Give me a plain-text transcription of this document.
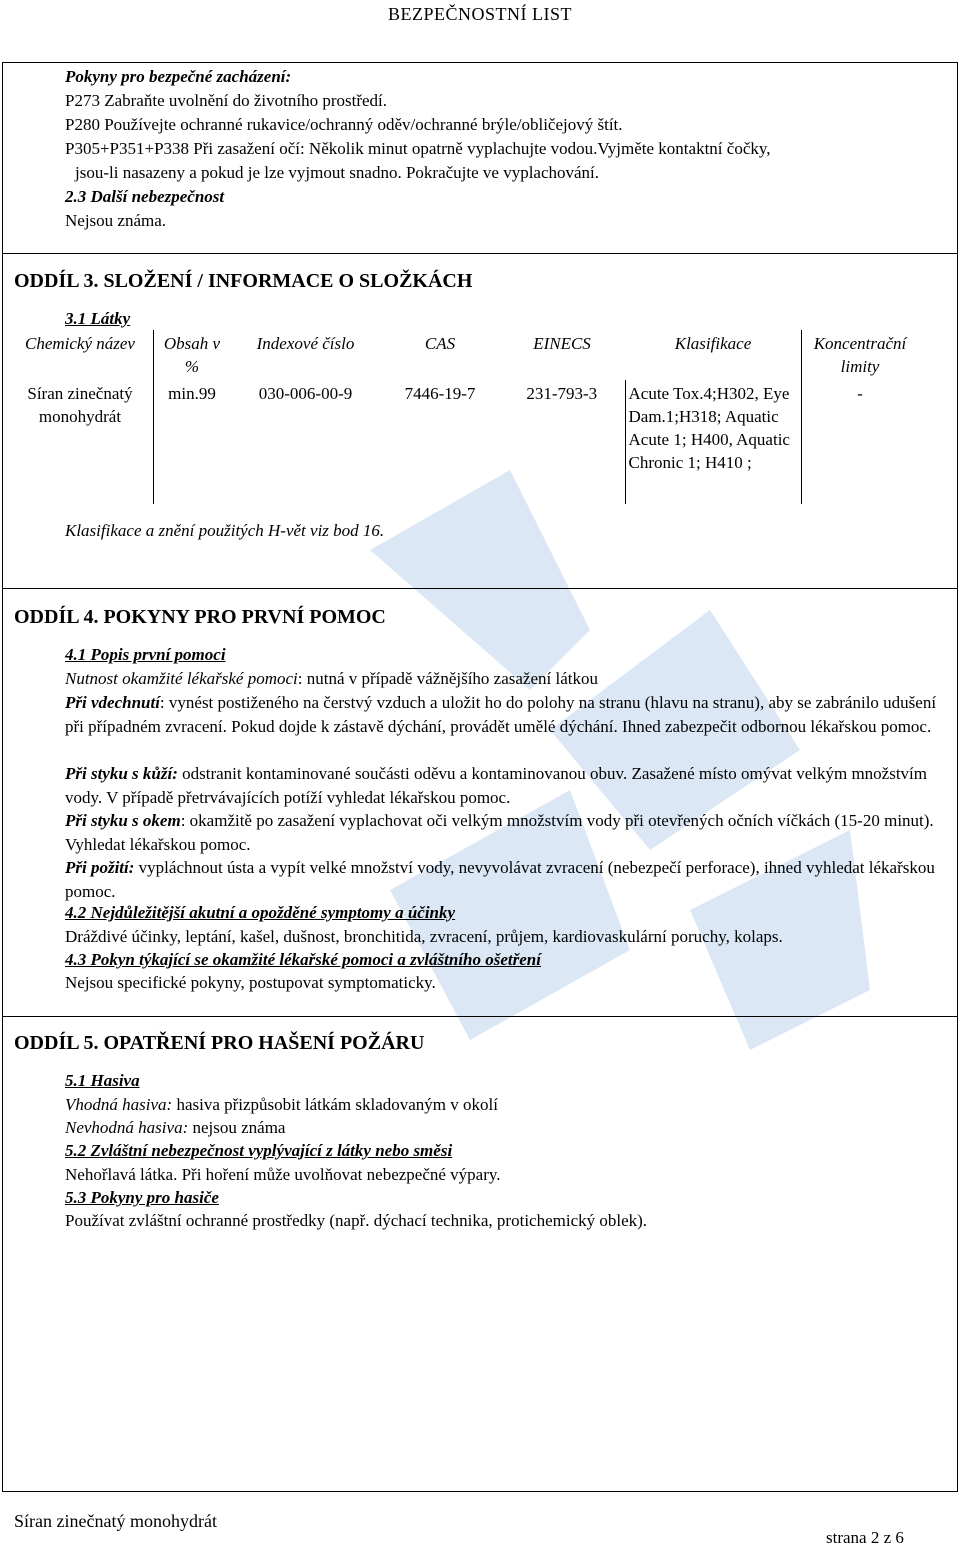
BEZPEČNOSTNÍ LIST
Pokyny pro bezpečné zacházení:
P273 Zabraňte uvolnění do životního prostředí.
P280 Používejte ochranné rukavice/ochranný oděv/ochranné brýle/obličejový štít.
P305+P351+P338 Při zasažení očí: Několik minut opatrně vyplachujte vodou.Vyjměte kontaktní čočky,
jsou-li nasazeny a pokud je lze vyjmout snadno. Pokračujte ve vyplachování.
2.3 Další nebezpečnost
Nejsou známa.
ODDÍL 3. SLOŽENÍ / INFORMACE O SLOŽKÁCH
3.1 Látky
Chemický název	Obsah v %	Indexové číslo	CAS	EINECS	Klasifikace	Koncentrační limity
Síran zinečnatý monohydrát	min.99	030-006-00-9	7446-19-7	231-793-3	Acute Tox.4;H302, Eye Dam.1;H318; Aquatic Acute 1; H400, Aquatic Chronic 1; H410 ;	-
Klasifikace a znění použitých H-vět viz bod 16.
ODDÍL 4. POKYNY PRO PRVNÍ POMOC
4.1 Popis první pomoci
Nutnost okamžité lékařské pomoci: nutná v případě vážnějšího zasažení látkou
Při vdechnutí: vynést postiženého na čerstvý vzduch a uložit ho do polohy na stranu (hlavu na stranu), aby se zabránilo udušení při případném zvracení. Pokud dojde k zástavě dýchání, provádět umělé dýchání. Ihned zabezpečit odbornou lékařskou pomoc.
Při styku s kůží: odstranit kontaminované součásti oděvu a kontaminovanou obuv. Zasažené místo omývat velkým množstvím vody. V případě přetrvávajících potíží vyhledat lékařskou pomoc.
Při styku s okem: okamžitě po zasažení vyplachovat oči velkým množstvím vody při otevřených očních víčkách (15-20 minut). Vyhledat lékařskou pomoc.
Při požití: vypláchnout ústa a vypít velké množství vody, nevyvolávat zvracení (nebezpečí perforace), ihned vyhledat lékařskou pomoc.
4.2 Nejdůležitější akutní a opožděné symptomy a účinky
Dráždivé účinky, leptání, kašel, dušnost, bronchitida, zvracení, průjem, kardiovaskulární poruchy, kolaps.
4.3 Pokyn týkající se okamžité lékařské pomoci a zvláštního ošetření
Nejsou specifické pokyny, postupovat symptomaticky.
ODDÍL 5. OPATŘENÍ PRO HAŠENÍ POŽÁRU
5.1 Hasiva
Vhodná hasiva: hasiva přizpůsobit látkám skladovaným v okolí
Nevhodná hasiva: nejsou známa
5.2 Zvláštní nebezpečnost vyplývající z látky nebo směsi
Nehořlavá látka. Při hoření může uvolňovat nebezpečné výpary.
5.3 Pokyny pro hasiče
Používat zvláštní ochranné prostředky (např. dýchací technika, protichemický oblek).
Síran zinečnatý monohydrát
strana 2 z 6
